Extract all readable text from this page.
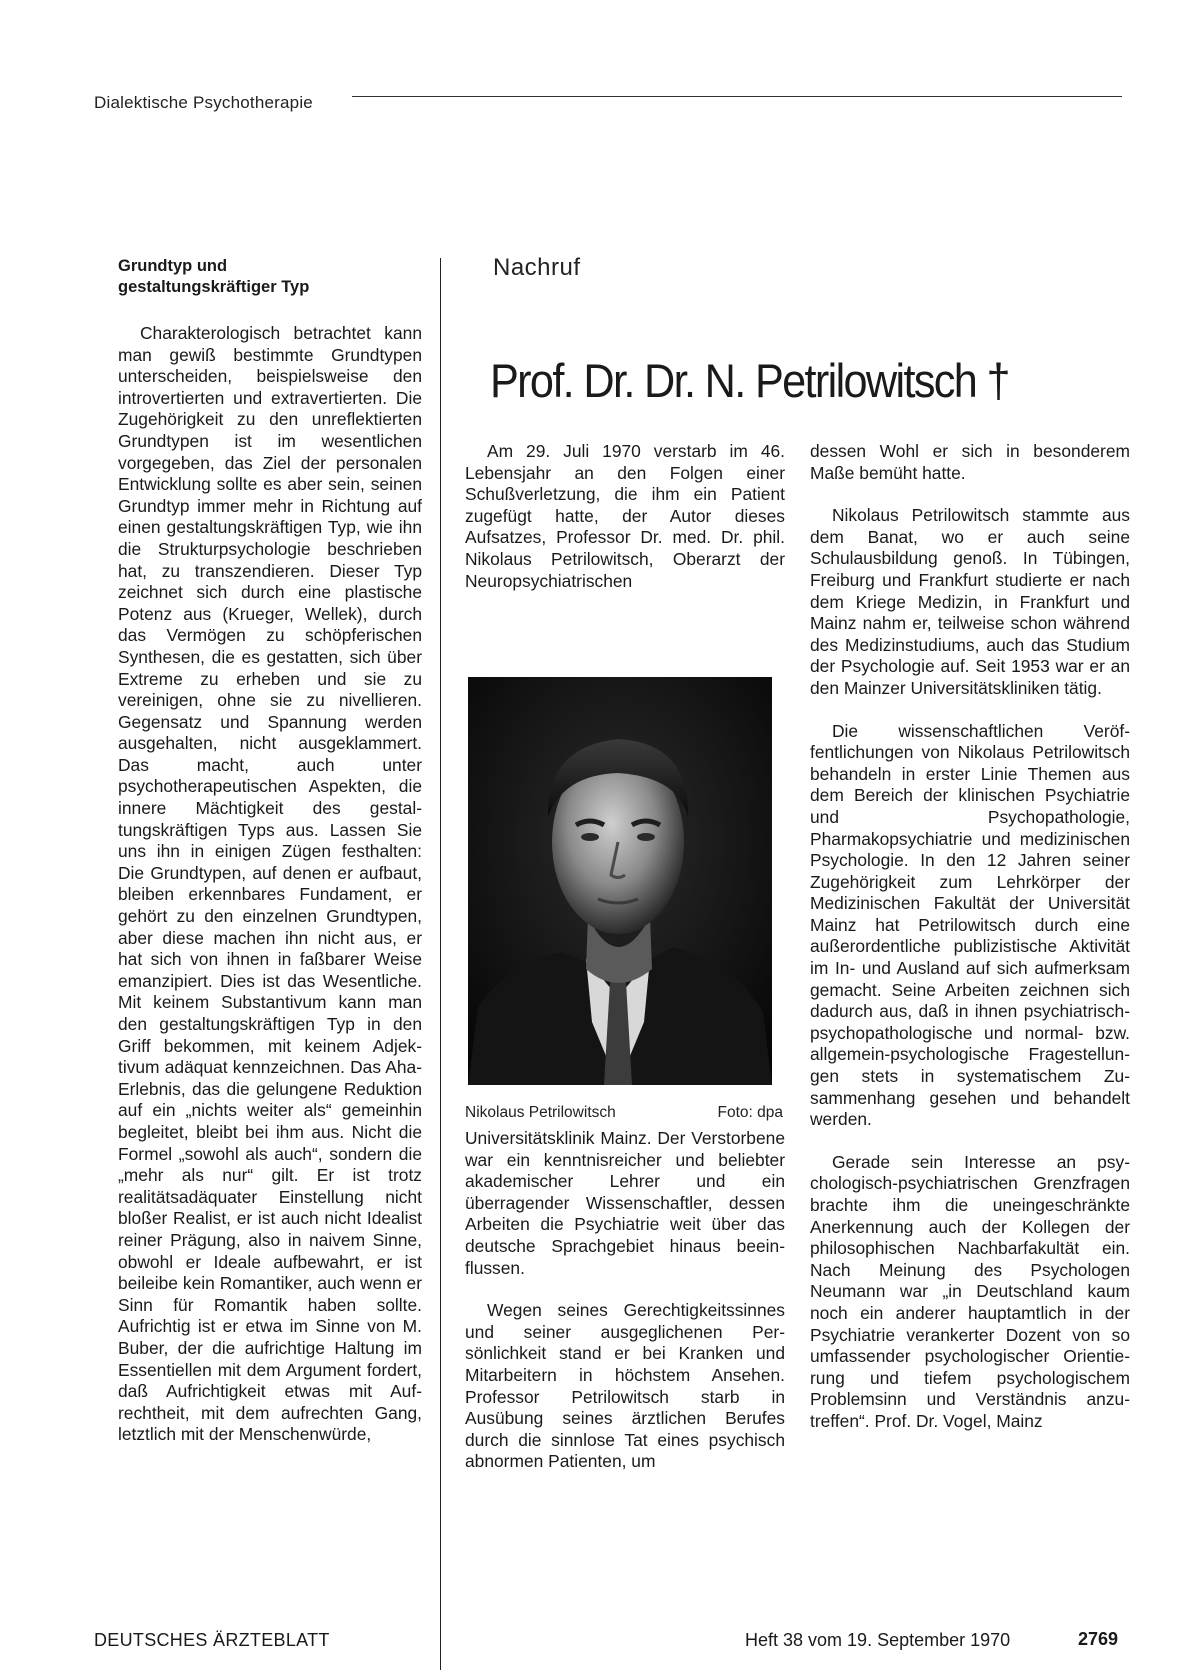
Dialektische Psychotherapie
Grundtyp und
gestaltungskräftiger Typ

Charakterologisch betrachtet kann man gewiß bestimmte Grundtypen unterscheiden, beispielsweise den introvertierten und extravertierten. Die Zugehörigkeit zu den unreflektierten Grundtypen ist im wesentlichen vorgegeben, das Ziel der personalen Entwicklung sollte es aber sein, seinen Grundtyp immer mehr in Richtung auf einen gestaltungskräftigen Typ, wie ihn die Strukturpsychologie beschrieben hat, zu transzendieren. Dieser Typ zeichnet sich durch eine plastische Potenz aus (Krueger, Wellek), durch das Vermögen zu schöpferischen Synthesen, die es gestatten, sich über Extreme zu erheben und sie zu vereinigen, ohne sie zu nivellieren. Gegensatz und Spannung werden ausgehalten, nicht ausgeklammert. Das macht, auch unter psychotherapeutischen Aspekten, die innere Mächtigkeit des gestaltungskräftigen Typs aus. Lassen Sie uns ihn in einigen Zügen festhalten: Die Grundtypen, auf denen er aufbaut, bleiben erkennbares Fundament, er gehört zu den einzelnen Grundtypen, aber diese machen ihn nicht aus, er hat sich von ihnen in faßbarer Weise emanzipiert. Dies ist das Wesentliche. Mit keinem Substantivum kann man den gestaltungskräftigen Typ in den Griff bekommen, mit keinem Adjektivum adäquat kennzeichnen. Das Aha-Erlebnis, das die gelungene Reduktion auf ein „nichts weiter als“ gemeinhin begleitet, bleibt bei ihm aus. Nicht die Formel „sowohl als auch“, sondern die „mehr als nur“ gilt. Er ist trotz realitätsadäquater Einstellung nicht bloßer Realist, er ist auch nicht Idealist reiner Prägung, also in naivem Sinne, obwohl er Ideale aufbewahrt, er ist beileibe kein Romantiker, auch wenn er Sinn für Romantik haben sollte. Aufrichtig ist er etwa im Sinne von M. Buber, der die aufrichtige Haltung im Essentiellen mit dem Argument fordert, daß Aufrichtigkeit etwas mit Aufrechtheit, mit dem aufrechten Gang, letztlich mit der Menschenwürde,

Nachruf
Prof. Dr. Dr. N. Petrilowitsch †

Am 29. Juli 1970 verstarb im 46. Lebensjahr an den Folgen einer Schußverletzung, die ihm ein Patient zugefügt hatte, der Autor dieses Aufsatzes, Professor Dr. med. Dr. phil. Nikolaus Petrilowitsch, Oberarzt der Neuropsychiatrischen

Nikolaus Petrilowitsch	Foto: dpa

Universitätsklinik Mainz. Der Verstorbene war ein kenntnisreicher und beliebter akademischer Lehrer und ein überragender Wissenschaftler, dessen Arbeiten die Psychiatrie weit über das deutsche Sprachgebiet hinaus beeinflussen.

Wegen seines Gerechtigkeitssinnes und seiner ausgeglichenen Persönlichkeit stand er bei Kranken und Mitarbeitern in höchstem Ansehen. Professor Petrilowitsch starb in Ausübung seines ärztlichen Berufes durch die sinnlose Tat eines psychisch abnormen Patienten, um

dessen Wohl er sich in besonderem Maße bemüht hatte.

Nikolaus Petrilowitsch stammte aus dem Banat, wo er auch seine Schulausbildung genoß. In Tübingen, Freiburg und Frankfurt studierte er nach dem Kriege Medizin, in Frankfurt und Mainz nahm er, teilweise schon während des Medizinstudiums, auch das Studium der Psychologie auf. Seit 1953 war er an den Mainzer Universitätskliniken tätig.

Die wissenschaftlichen Veröffentlichungen von Nikolaus Petrilowitsch behandeln in erster Linie Themen aus dem Bereich der klinischen Psychiatrie und Psychopathologie, Pharmakopsychiatrie und medizinischen Psychologie. In den 12 Jahren seiner Zugehörigkeit zum Lehrkörper der Medizinischen Fakultät der Universität Mainz hat Petrilowitsch durch eine außerordentliche publizistische Aktivität im In- und Ausland auf sich aufmerksam gemacht. Seine Arbeiten zeichnen sich dadurch aus, daß in ihnen psychiatrisch-psychopathologische und normal- bzw. allgemein-psychologische Fragestellungen stets in systematischem Zusammenhang gesehen und behandelt werden.

Gerade sein Interesse an psychologisch-psychiatrischen Grenzfragen brachte ihm die uneingeschränkte Anerkennung auch der Kollegen der philosophischen Nachbarfakultät ein. Nach Meinung des Psychologen Neumann war „in Deutschland kaum noch ein anderer hauptamtlich in der Psychiatrie verankerter Dozent von so umfassender psychologischer Orientierung und tiefem psychologischem Problemsinn und Verständnis anzutreffen“. Prof. Dr. Vogel, Mainz

DEUTSCHES ÄRZTEBLATT	Heft 38 vom 19. September 1970	2769
